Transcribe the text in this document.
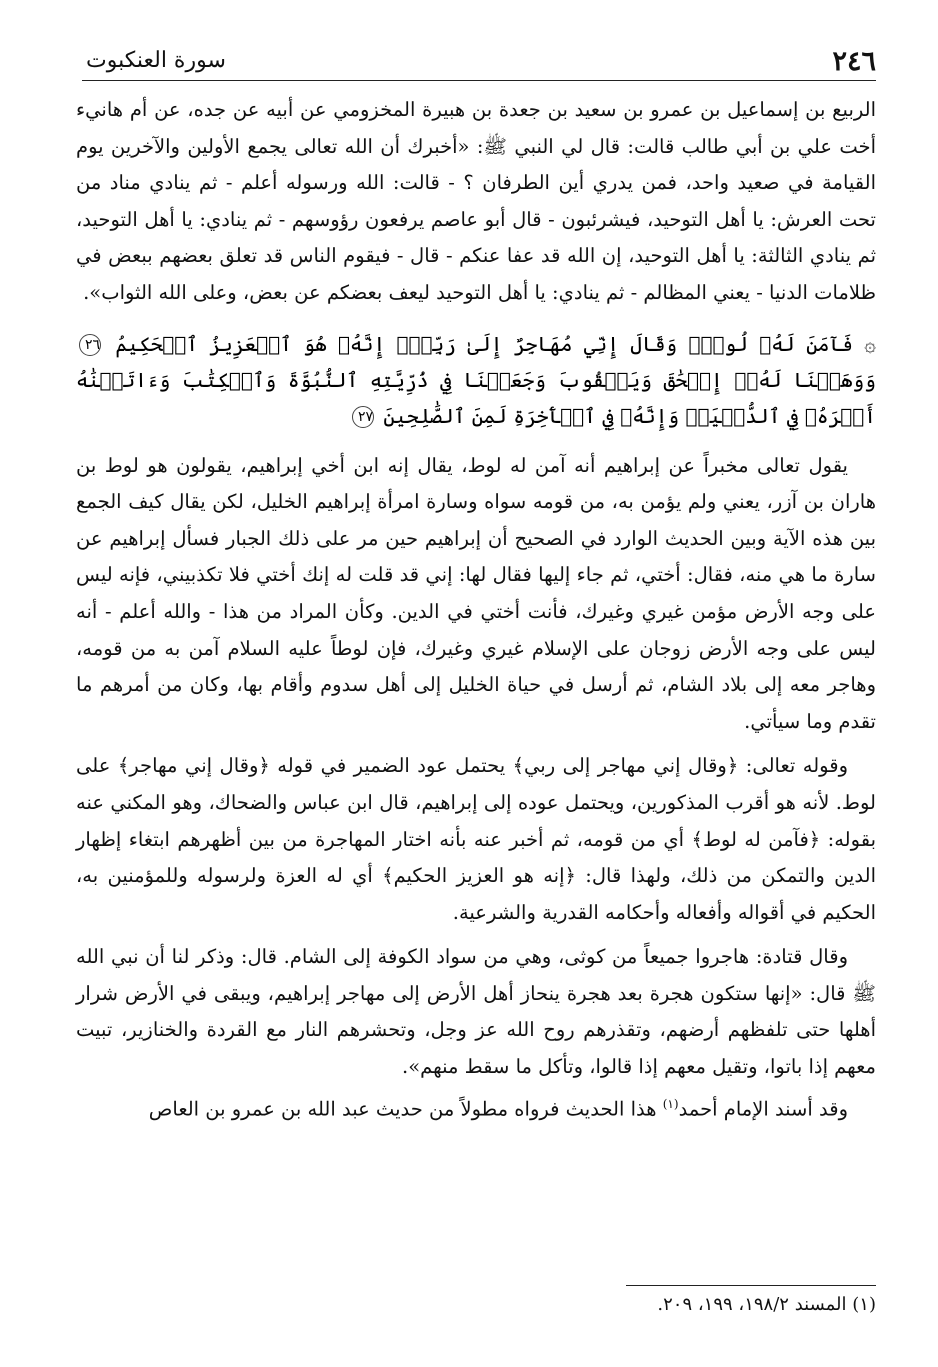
٢٤٦
سورة العنكبوت

الربيع بن إسماعيل بن عمرو بن سعيد بن جعدة بن هبيرة المخزومي عن أبيه عن جده، عن أم هانيء أخت علي بن أبي طالب قالت: قال لي النبي ﷺ: «أخبرك أن الله تعالى يجمع الأولين والآخرين يوم القيامة في صعيد واحد، فمن يدري أين الطرفان ؟ - قالت: الله ورسوله أعلم - ثم ينادي مناد من تحت العرش: يا أهل التوحيد، فيشرئبون - قال أبو عاصم يرفعون رؤوسهم - ثم ينادي: يا أهل التوحيد، ثم ينادي الثالثة: يا أهل التوحيد، إن الله قد عفا عنكم - قال - فيقوم الناس قد تعلق بعضهم ببعض في ظلامات الدنيا - يعني المظالم - ثم ينادي: يا أهل التوحيد ليعف بعضكم عن بعض، وعلى الله الثواب».

۞ فَآمَنَ لَهُۥ لُوطٌۘ وَقَالَ إِنِّي مُهَاجِرٌ إِلَىٰ رَبِّيٓۖ إِنَّهُۥ هُوَ ٱلۡعَزِيزُ ٱلۡحَكِيمُ ٢٦ وَوَهَبۡنَا لَهُۥٓ إِسۡحَٰقَ وَيَعۡقُوبَ وَجَعَلۡنَا فِي ذُرِّيَّتِهِ ٱلنُّبُوَّةَ وَٱلۡكِتَٰبَ وَءَاتَيۡنَٰهُ أَجۡرَهُۥ فِي ٱلدُّنۡيَاۖ وَإِنَّهُۥ فِي ٱلۡأٓخِرَةِ لَمِنَ ٱلصَّٰلِحِينَ ٢٧

يقول تعالى مخبراً عن إبراهيم أنه آمن له لوط، يقال إنه ابن أخي إبراهيم، يقولون هو لوط بن هاران بن آزر، يعني ولم يؤمن به، من قومه سواه وسارة امرأة إبراهيم الخليل، لكن يقال كيف الجمع بين هذه الآية وبين الحديث الوارد في الصحيح أن إبراهيم حين مر على ذلك الجبار فسأل إبراهيم عن سارة ما هي منه، فقال: أختي، ثم جاء إليها فقال لها: إني قد قلت له إنك أختي فلا تكذبيني، فإنه ليس على وجه الأرض مؤمن غيري وغيرك، فأنت أختي في الدين. وكأن المراد من هذا - والله أعلم - أنه ليس على وجه الأرض زوجان على الإسلام غيري وغيرك، فإن لوطاً عليه السلام آمن به من قومه، وهاجر معه إلى بلاد الشام، ثم أرسل في حياة الخليل إلى أهل سدوم وأقام بها، وكان من أمرهم ما تقدم وما سيأتي.

وقوله تعالى: ﴿وقال إني مهاجر إلى ربي﴾ يحتمل عود الضمير في قوله ﴿وقال إني مهاجر﴾ على لوط. لأنه هو أقرب المذكورين، ويحتمل عوده إلى إبراهيم، قال ابن عباس والضحاك، وهو المكني عنه بقوله: ﴿فآمن له لوط﴾ أي من قومه، ثم أخبر عنه بأنه اختار المهاجرة من بين أظهرهم ابتغاء إظهار الدين والتمكن من ذلك، ولهذا قال: ﴿إنه هو العزيز الحكيم﴾ أي له العزة ولرسوله وللمؤمنين به، الحكيم في أقواله وأفعاله وأحكامه القدرية والشرعية.

وقال قتادة: هاجروا جميعاً من كوثى، وهي من سواد الكوفة إلى الشام. قال: وذكر لنا أن نبي الله ﷺ قال: «إنها ستكون هجرة بعد هجرة ينحاز أهل الأرض إلى مهاجر إبراهيم، ويبقى في الأرض شرار أهلها حتى تلفظهم أرضهم، وتقذرهم روح الله عز وجل، وتحشرهم النار مع القردة والخنازير، تبيت معهم إذا باتوا، وتقيل معهم إذا قالوا، وتأكل ما سقط منهم».

وقد أسند الإمام أحمد$^{(١)}$ هذا الحديث فرواه مطولاً من حديث عبد الله بن عمرو بن العاص

(١) المسند ١٩٨/٢، ١٩٩، ٢٠٩.
